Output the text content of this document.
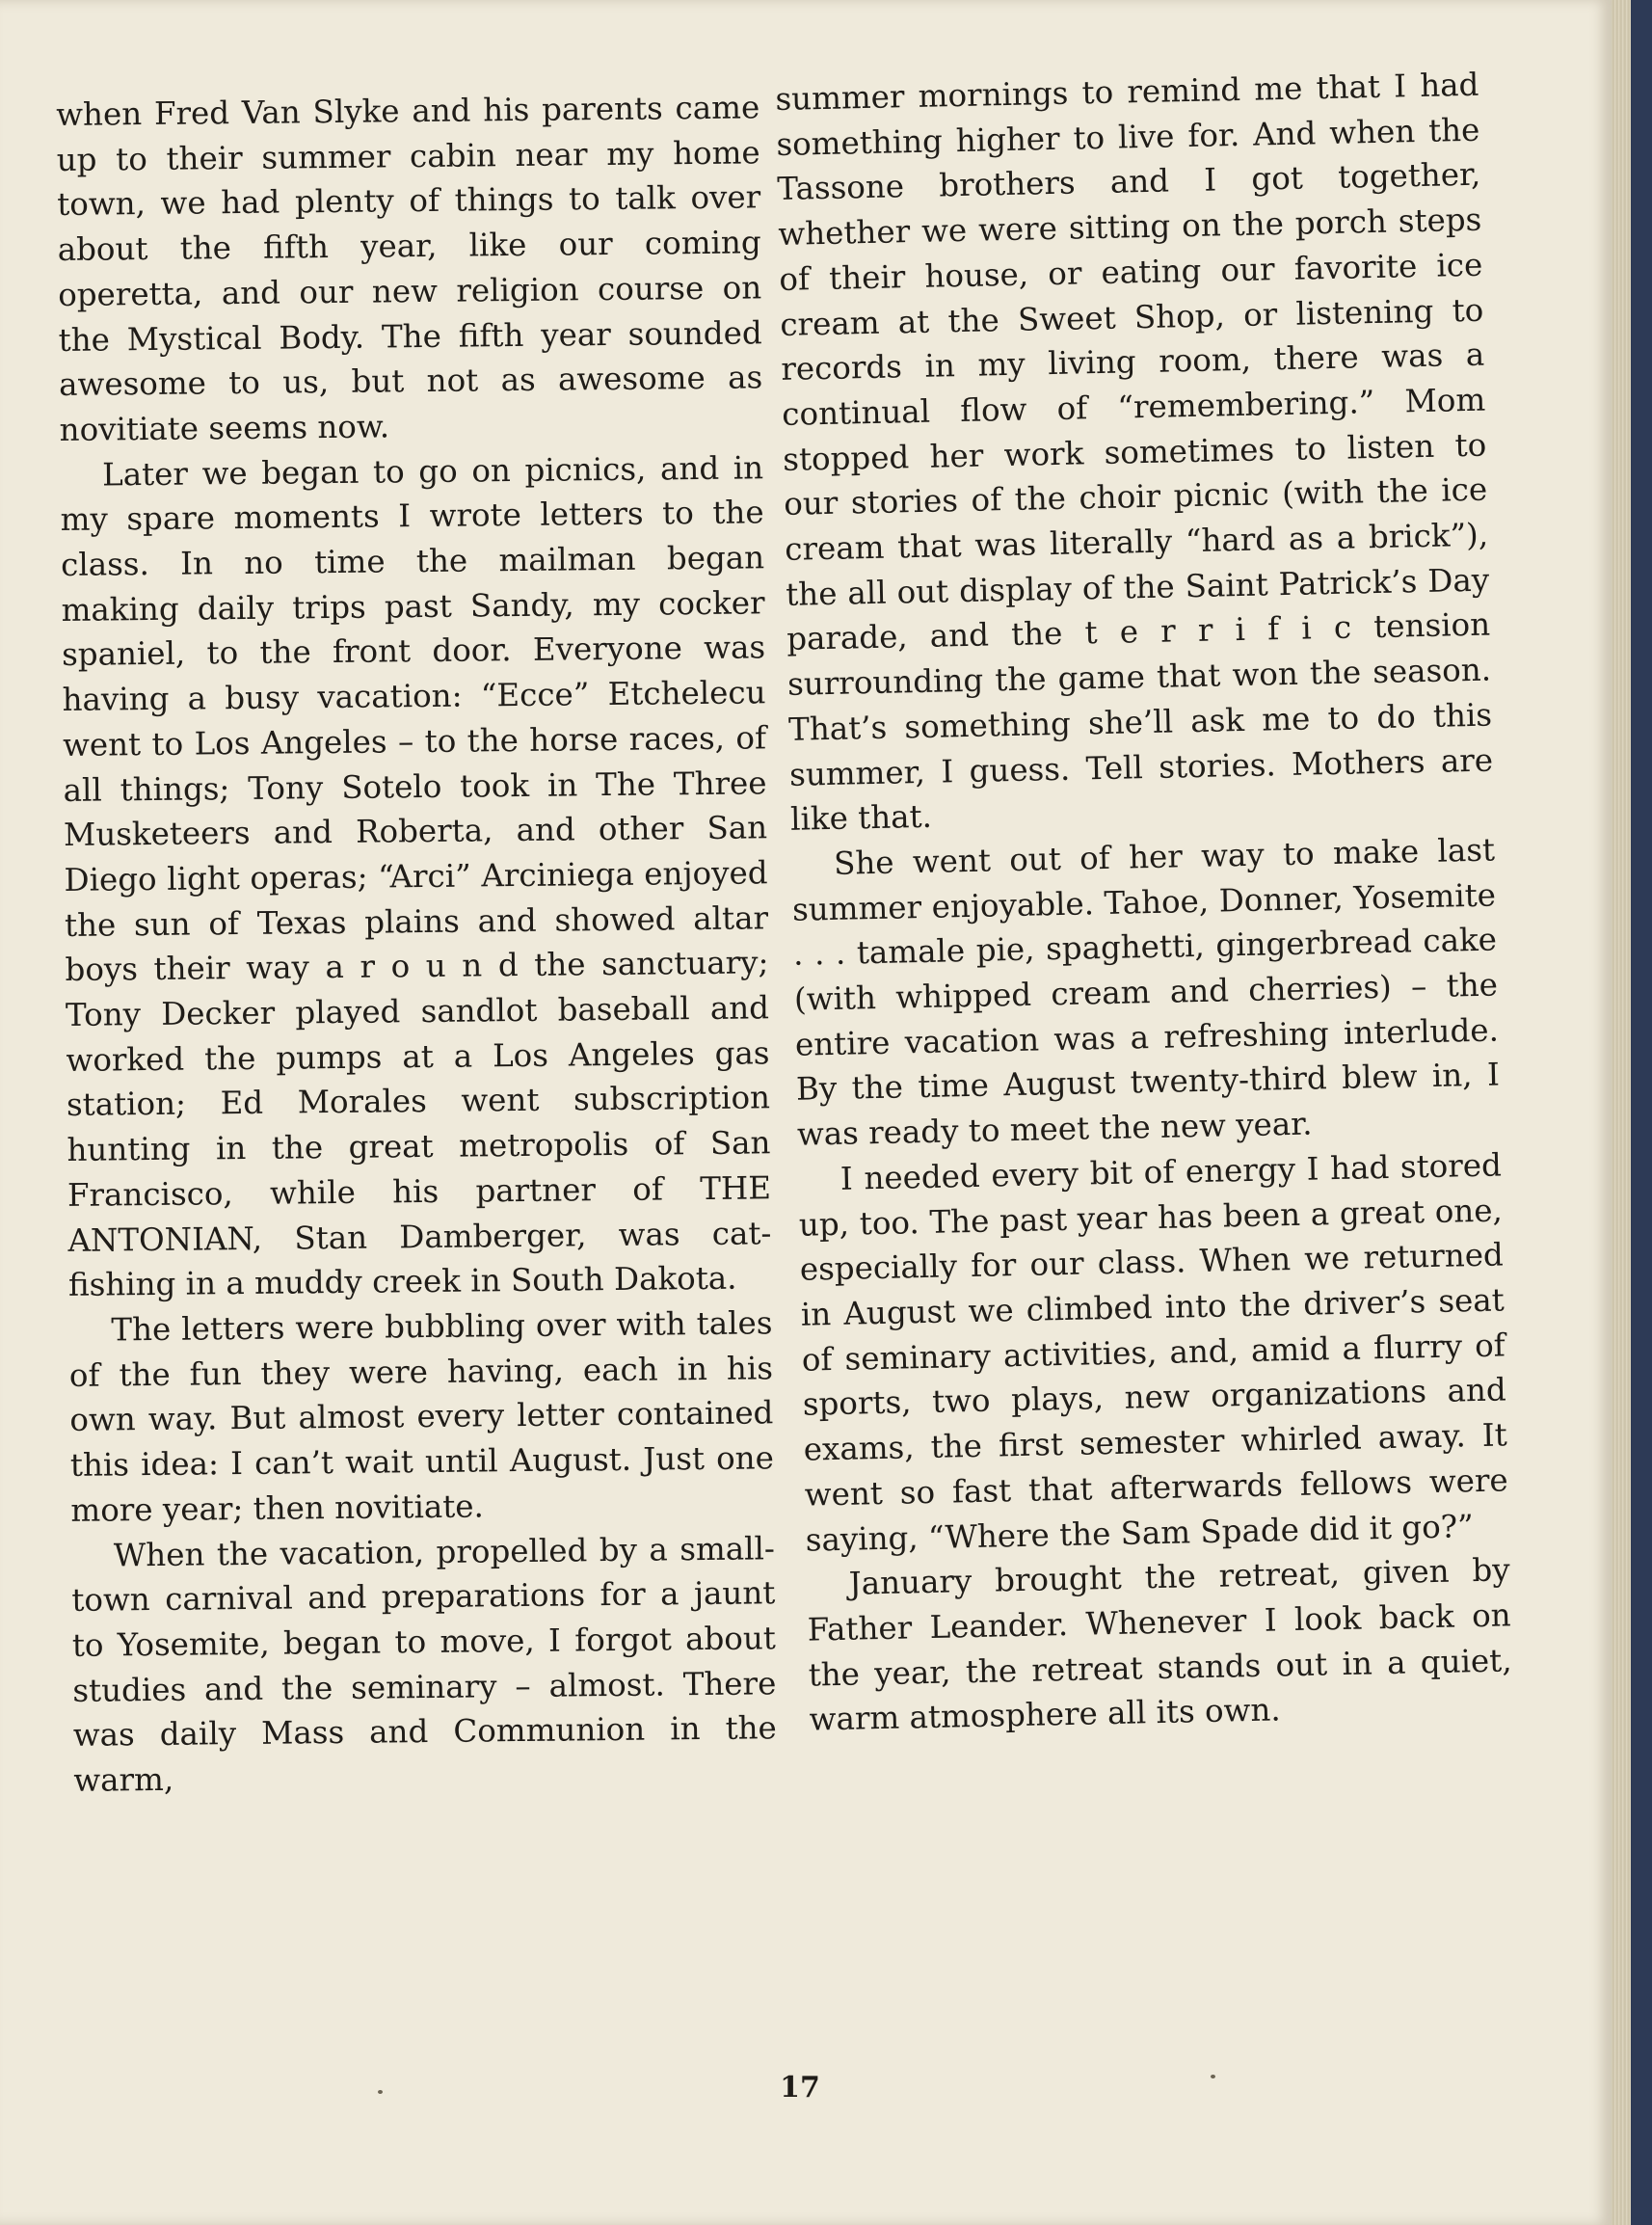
when Fred Van Slyke and his parents came up to their summer cabin near my home town, we had plenty of things to talk over about the fifth year, like our coming operetta, and our new religion course on the Mystical Body. The fifth year sounded awesome to us, but not as awesome as novitiate seems now.

Later we began to go on picnics, and in my spare moments I wrote letters to the class. In no time the mailman began making daily trips past Sandy, my cocker spaniel, to the front door. Everyone was having a busy vacation: “Ecce” Etchelecu went to Los Angeles – to the horse races, of all things; Tony Sotelo took in The Three Musketeers and Roberta, and other San Diego light operas; “Arci” Arciniega enjoyed the sun of Texas plains and showed altar boys their way a r o u n d the sanctuary; Tony Decker played sandlot baseball and worked the pumps at a Los Angeles gas station; Ed Morales went subscription hunting in the great metropolis of San Francisco, while his partner of THE ANTONIAN, Stan Damberger, was cat-fishing in a muddy creek in South Dakota.

The letters were bubbling over with tales of the fun they were having, each in his own way. But almost every letter contained this idea: I can’t wait until August. Just one more year; then novitiate.

When the vacation, propelled by a small-town carnival and preparations for a jaunt to Yosemite, began to move, I forgot about studies and the seminary – almost. There was daily Mass and Communion in the warm,

summer mornings to remind me that I had something higher to live for. And when the Tassone brothers and I got together, whether we were sitting on the porch steps of their house, or eating our favorite ice cream at the Sweet Shop, or listening to records in my living room, there was a continual flow of “remembering.” Mom stopped her work sometimes to listen to our stories of the choir picnic (with the ice cream that was literally “hard as a brick”), the all out display of the Saint Patrick’s Day parade, and the t e r r i f i c tension surrounding the game that won the season. That’s something she’ll ask me to do this summer, I guess. Tell stories. Mothers are like that.

She went out of her way to make last summer enjoyable. Tahoe, Donner, Yosemite . . . tamale pie, spaghetti, gingerbread cake (with whipped cream and cherries) – the entire vacation was a refreshing interlude. By the time August twenty-third blew in, I was ready to meet the new year.

I needed every bit of energy I had stored up, too. The past year has been a great one, especially for our class. When we returned in August we climbed into the driver’s seat of seminary activities, and, amid a flurry of sports, two plays, new organizations and exams, the first semester whirled away. It went so fast that afterwards fellows were saying, “Where the Sam Spade did it go?”

January brought the retreat, given by Father Leander. Whenever I look back on the year, the retreat stands out in a quiet, warm atmosphere all its own.

17
